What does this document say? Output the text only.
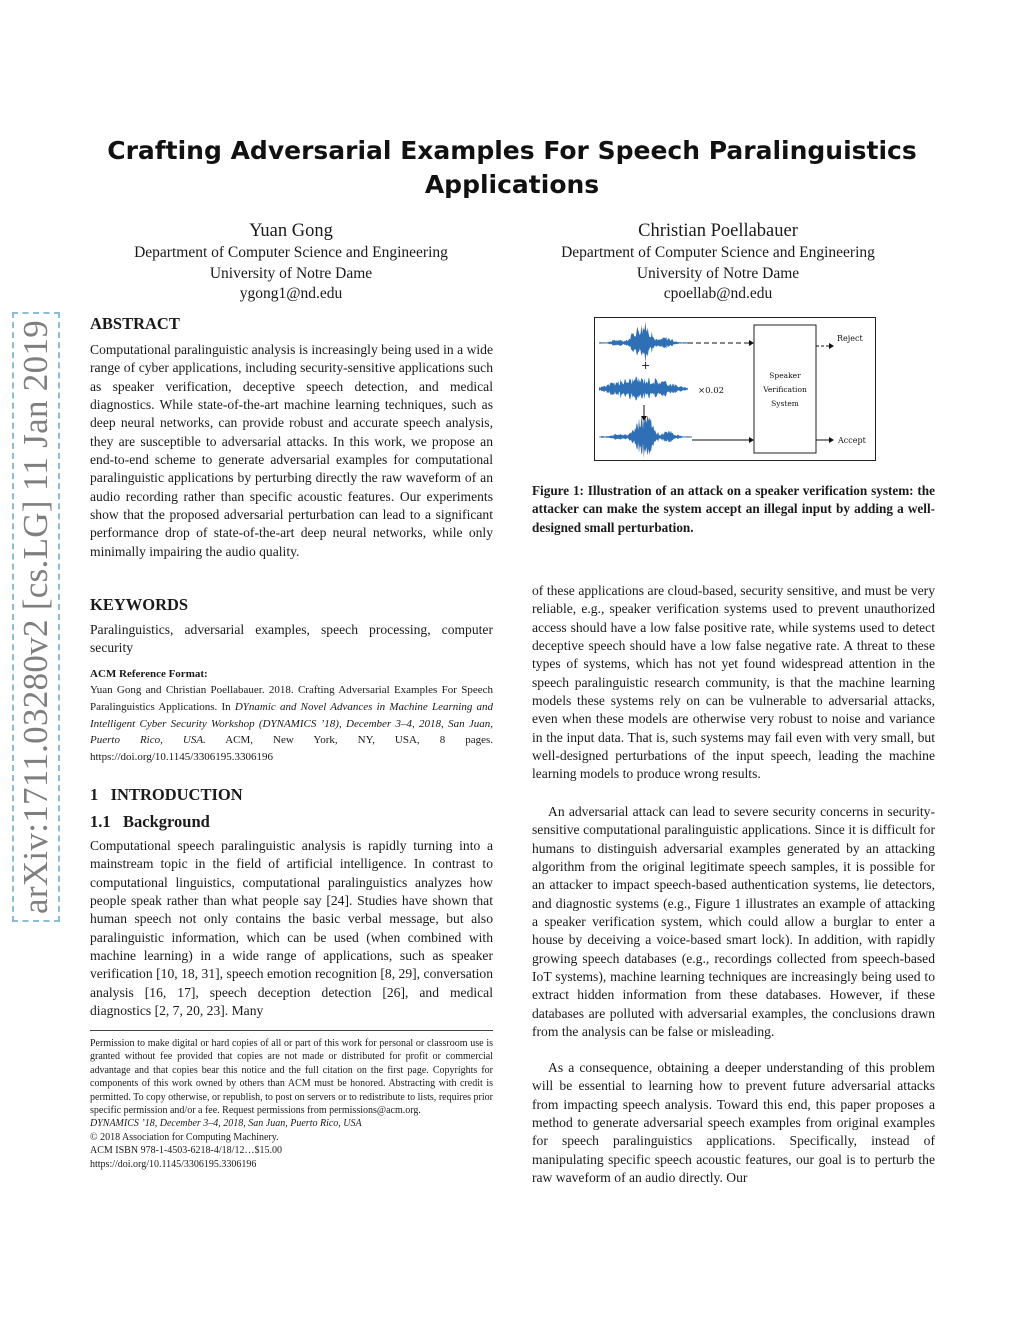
Crafting Adversarial Examples For Speech Paralinguistics Applications
Yuan Gong
Department of Computer Science and Engineering
University of Notre Dame
ygong1@nd.edu
Christian Poellabauer
Department of Computer Science and Engineering
University of Notre Dame
cpoellab@nd.edu
arXiv:1711.03280v2 [cs.LG] 11 Jan 2019 ABSTRACT
Computational paralinguistic analysis is increasingly being used in a wide range of cyber applications, including security-sensitive applications such as speaker verification, deceptive speech detection, and medical diagnostics. While state-of-the-art machine learning techniques, such as deep neural networks, can provide robust and accurate speech analysis, they are susceptible to adversarial attacks. In this work, we propose an end-to-end scheme to generate adversarial examples for computational paralinguistic applications by perturbing directly the raw waveform of an audio recording rather than specific acoustic features. Our experiments show that the proposed adversarial perturbation can lead to a significant performance drop of state-of-the-art deep neural networks, while only minimally impairing the audio quality.
KEYWORDS
Paralinguistics, adversarial examples, speech processing, computer security
ACM Reference Format:
Yuan Gong and Christian Poellabauer. 2018. Crafting Adversarial Examples For Speech Paralinguistics Applications. In DYnamic and Novel Advances in Machine Learning and Intelligent Cyber Security Workshop (DYNAMICS ’18), December 3–4, 2018, San Juan, Puerto Rico, USA. ACM, New York, NY, USA, 8 pages. https://doi.org/10.1145/3306195.3306196
1 INTRODUCTION
1.1 Background
Computational speech paralinguistic analysis is rapidly turning into a mainstream topic in the field of artificial intelligence. In contrast to computational linguistics, computational paralinguistics analyzes how people speak rather than what people say [24]. Studies have shown that human speech not only contains the basic verbal message, but also paralinguistic information, which can be used (when combined with machine learning) in a wide range of applications, such as speaker verification [10, 18, 31], speech emotion recognition [8, 29], conversation analysis [16, 17], speech deception detection [26], and medical diagnostics [2, 7, 20, 23]. Many
Permission to make digital or hard copies of all or part of this work for personal or classroom use is granted without fee provided that copies are not made or distributed for profit or commercial advantage and that copies bear this notice and the full citation on the first page. Copyrights for components of this work owned by others than ACM must be honored. Abstracting with credit is permitted. To copy otherwise, or republish, to post on servers or to redistribute to lists, requires prior specific permission and/or a fee. Request permissions from permissions@acm.org.
DYNAMICS ’18, December 3–4, 2018, San Juan, Puerto Rico, USA
© 2018 Association for Computing Machinery.
ACM ISBN 978-1-4503-6218-4/18/12…$15.00
https://doi.org/10.1145/3306195.3306196
+
×0.02
Speaker
Verification
System
Reject
Accept
Figure 1: Illustration of an attack on a speaker verification system: the attacker can make the system accept an illegal input by adding a well-designed small perturbation.
of these applications are cloud-based, security sensitive, and must be very reliable, e.g., speaker verification systems used to prevent unauthorized access should have a low false positive rate, while systems used to detect deceptive speech should have a low false negative rate. A threat to these types of systems, which has not yet found widespread attention in the speech paralinguistic research community, is that the machine learning models these systems rely on can be vulnerable to adversarial attacks, even when these models are otherwise very robust to noise and variance in the input data. That is, such systems may fail even with very small, but well-designed perturbations of the input speech, leading the machine learning models to produce wrong results.
An adversarial attack can lead to severe security concerns in security-sensitive computational paralinguistic applications. Since it is difficult for humans to distinguish adversarial examples generated by an attacking algorithm from the original legitimate speech samples, it is possible for an attacker to impact speech-based authentication systems, lie detectors, and diagnostic systems (e.g., Figure 1 illustrates an example of attacking a speaker verification system, which could allow a burglar to enter a house by deceiving a voice-based smart lock). In addition, with rapidly growing speech databases (e.g., recordings collected from speech-based IoT systems), machine learning techniques are increasingly being used to extract hidden information from these databases. However, if these databases are polluted with adversarial examples, the conclusions drawn from the analysis can be false or misleading.
As a consequence, obtaining a deeper understanding of this problem will be essential to learning how to prevent future adversarial attacks from impacting speech analysis. Toward this end, this paper proposes a method to generate adversarial speech examples from original examples for speech paralinguistics applications. Specifically, instead of manipulating specific speech acoustic features, our goal is to perturb the raw waveform of an audio directly. Our
